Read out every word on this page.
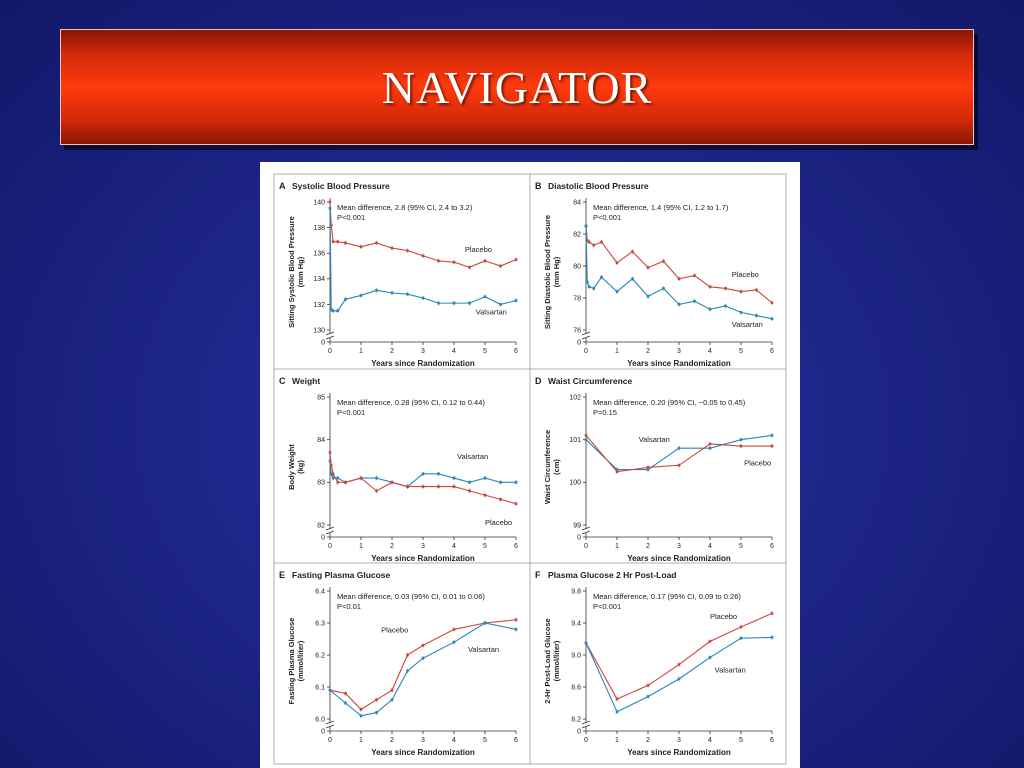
NAVIGATOR
A Systolic Blood Pressure
Mean difference, 2.8 (95% CI, 2.4 to 3.2)
P<0.001
130
132
134
136
138
140
0
0	1	2	3	4	5	6
Years since Randomization
Sitting Systolic Blood Pressure (mm Hg)
Placebo
Valsartan
B Diastolic Blood Pressure
Mean difference, 1.4 (95% CI, 1.2 to 1.7)
P<0.001
76
78
80
82
84
0
0	1	2	3	4	5	6
Years since Randomization
Sitting Diastolic Blood Pressure (mm Hg)	Placebo
Valsartan
C Weight
Mean difference, 0.28 (95% CI, 0.12 to 0.44)
P<0.001
82
83
84
85
0
0	1	2	3	4	5	6
Years since Randomization
Body Weight (kg)
Valsartan
Placebo
D Waist Circumference
Mean difference, 0.20 (95% CI, −0.05 to 0.45)
P=0.15
99
100
101
102
0
0	1	2	3	4	5	6
Years since Randomization
Waist Circumference (cm)
Valsartan
Placebo
E Fasting Plasma Glucose
Mean difference, 0.03 (95% CI, 0.01 to 0.06)
P<0.01
6.0
6.1
6.2
6.3
6.4
0
0	1	2	3	4	5	6
Years since Randomization
Fasting Plasma Glucose (mmol/liter)
Placebo
Valsartan
F Plasma Glucose 2 Hr Post-Load
Mean difference, 0.17 (95% CI, 0.09 to 0.26)
P<0.001
8.2
8.6
9.0
9.4
9.8
0
0	1	2	3	4	5	6
Years since Randomization
2-Hr Post-Load Glucose (mmol/liter)
Placebo
Valsartan
